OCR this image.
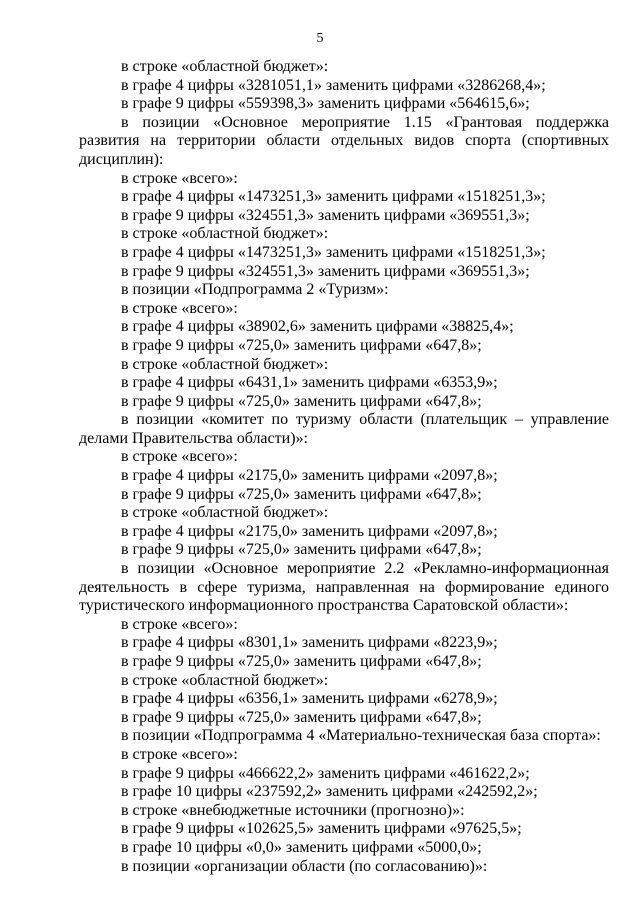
5

в строке «областной бюджет»:

в графе 4 цифры «3281051,1» заменить цифрами «3286268,4»;

в графе 9 цифры «559398,3» заменить цифрами «564615,6»;

в позиции «Основное мероприятие 1.15 «Грантовая поддержка развития на территории области отдельных видов спорта (спортивных дисциплин):

в строке «всего»:

в графе 4 цифры «1473251,3» заменить цифрами «1518251,3»;

в графе 9 цифры «324551,3» заменить цифрами «369551,3»;

в строке «областной бюджет»:

в графе 4 цифры «1473251,3» заменить цифрами «1518251,3»;

в графе 9 цифры «324551,3» заменить цифрами «369551,3»;

в позиции «Подпрограмма 2 «Туризм»:

в строке «всего»:

в графе 4 цифры «38902,6» заменить цифрами «38825,4»;

в графе 9 цифры «725,0» заменить цифрами «647,8»;

в строке «областной бюджет»:

в графе 4 цифры «6431,1» заменить цифрами «6353,9»;

в графе 9 цифры «725,0» заменить цифрами «647,8»;

в позиции «комитет по туризму области (плательщик – управление делами Правительства области)»:

в строке «всего»:

в графе 4 цифры «2175,0» заменить цифрами «2097,8»;

в графе 9 цифры «725,0» заменить цифрами «647,8»;

в строке «областной бюджет»:

в графе 4 цифры «2175,0» заменить цифрами «2097,8»;

в графе 9 цифры «725,0» заменить цифрами «647,8»;

в позиции «Основное мероприятие 2.2 «Рекламно-информационная деятельность в сфере туризма, направленная на формирование единого туристического информационного пространства Саратовской области»:

в строке «всего»:

в графе 4 цифры «8301,1» заменить цифрами «8223,9»;

в графе 9 цифры «725,0» заменить цифрами «647,8»;

в строке «областной бюджет»:

в графе 4 цифры «6356,1» заменить цифрами «6278,9»;

в графе 9 цифры «725,0» заменить цифрами «647,8»;

в позиции «Подпрограмма 4 «Материально-техническая база спорта»:

в строке «всего»:

в графе 9 цифры «466622,2» заменить цифрами «461622,2»;

в графе 10 цифры «237592,2» заменить цифрами «242592,2»;

в строке «внебюджетные источники (прогнозно)»:

в графе 9 цифры «102625,5» заменить цифрами «97625,5»;

в графе 10 цифры «0,0» заменить цифрами «5000,0»;

в позиции «организации области (по согласованию)»:
